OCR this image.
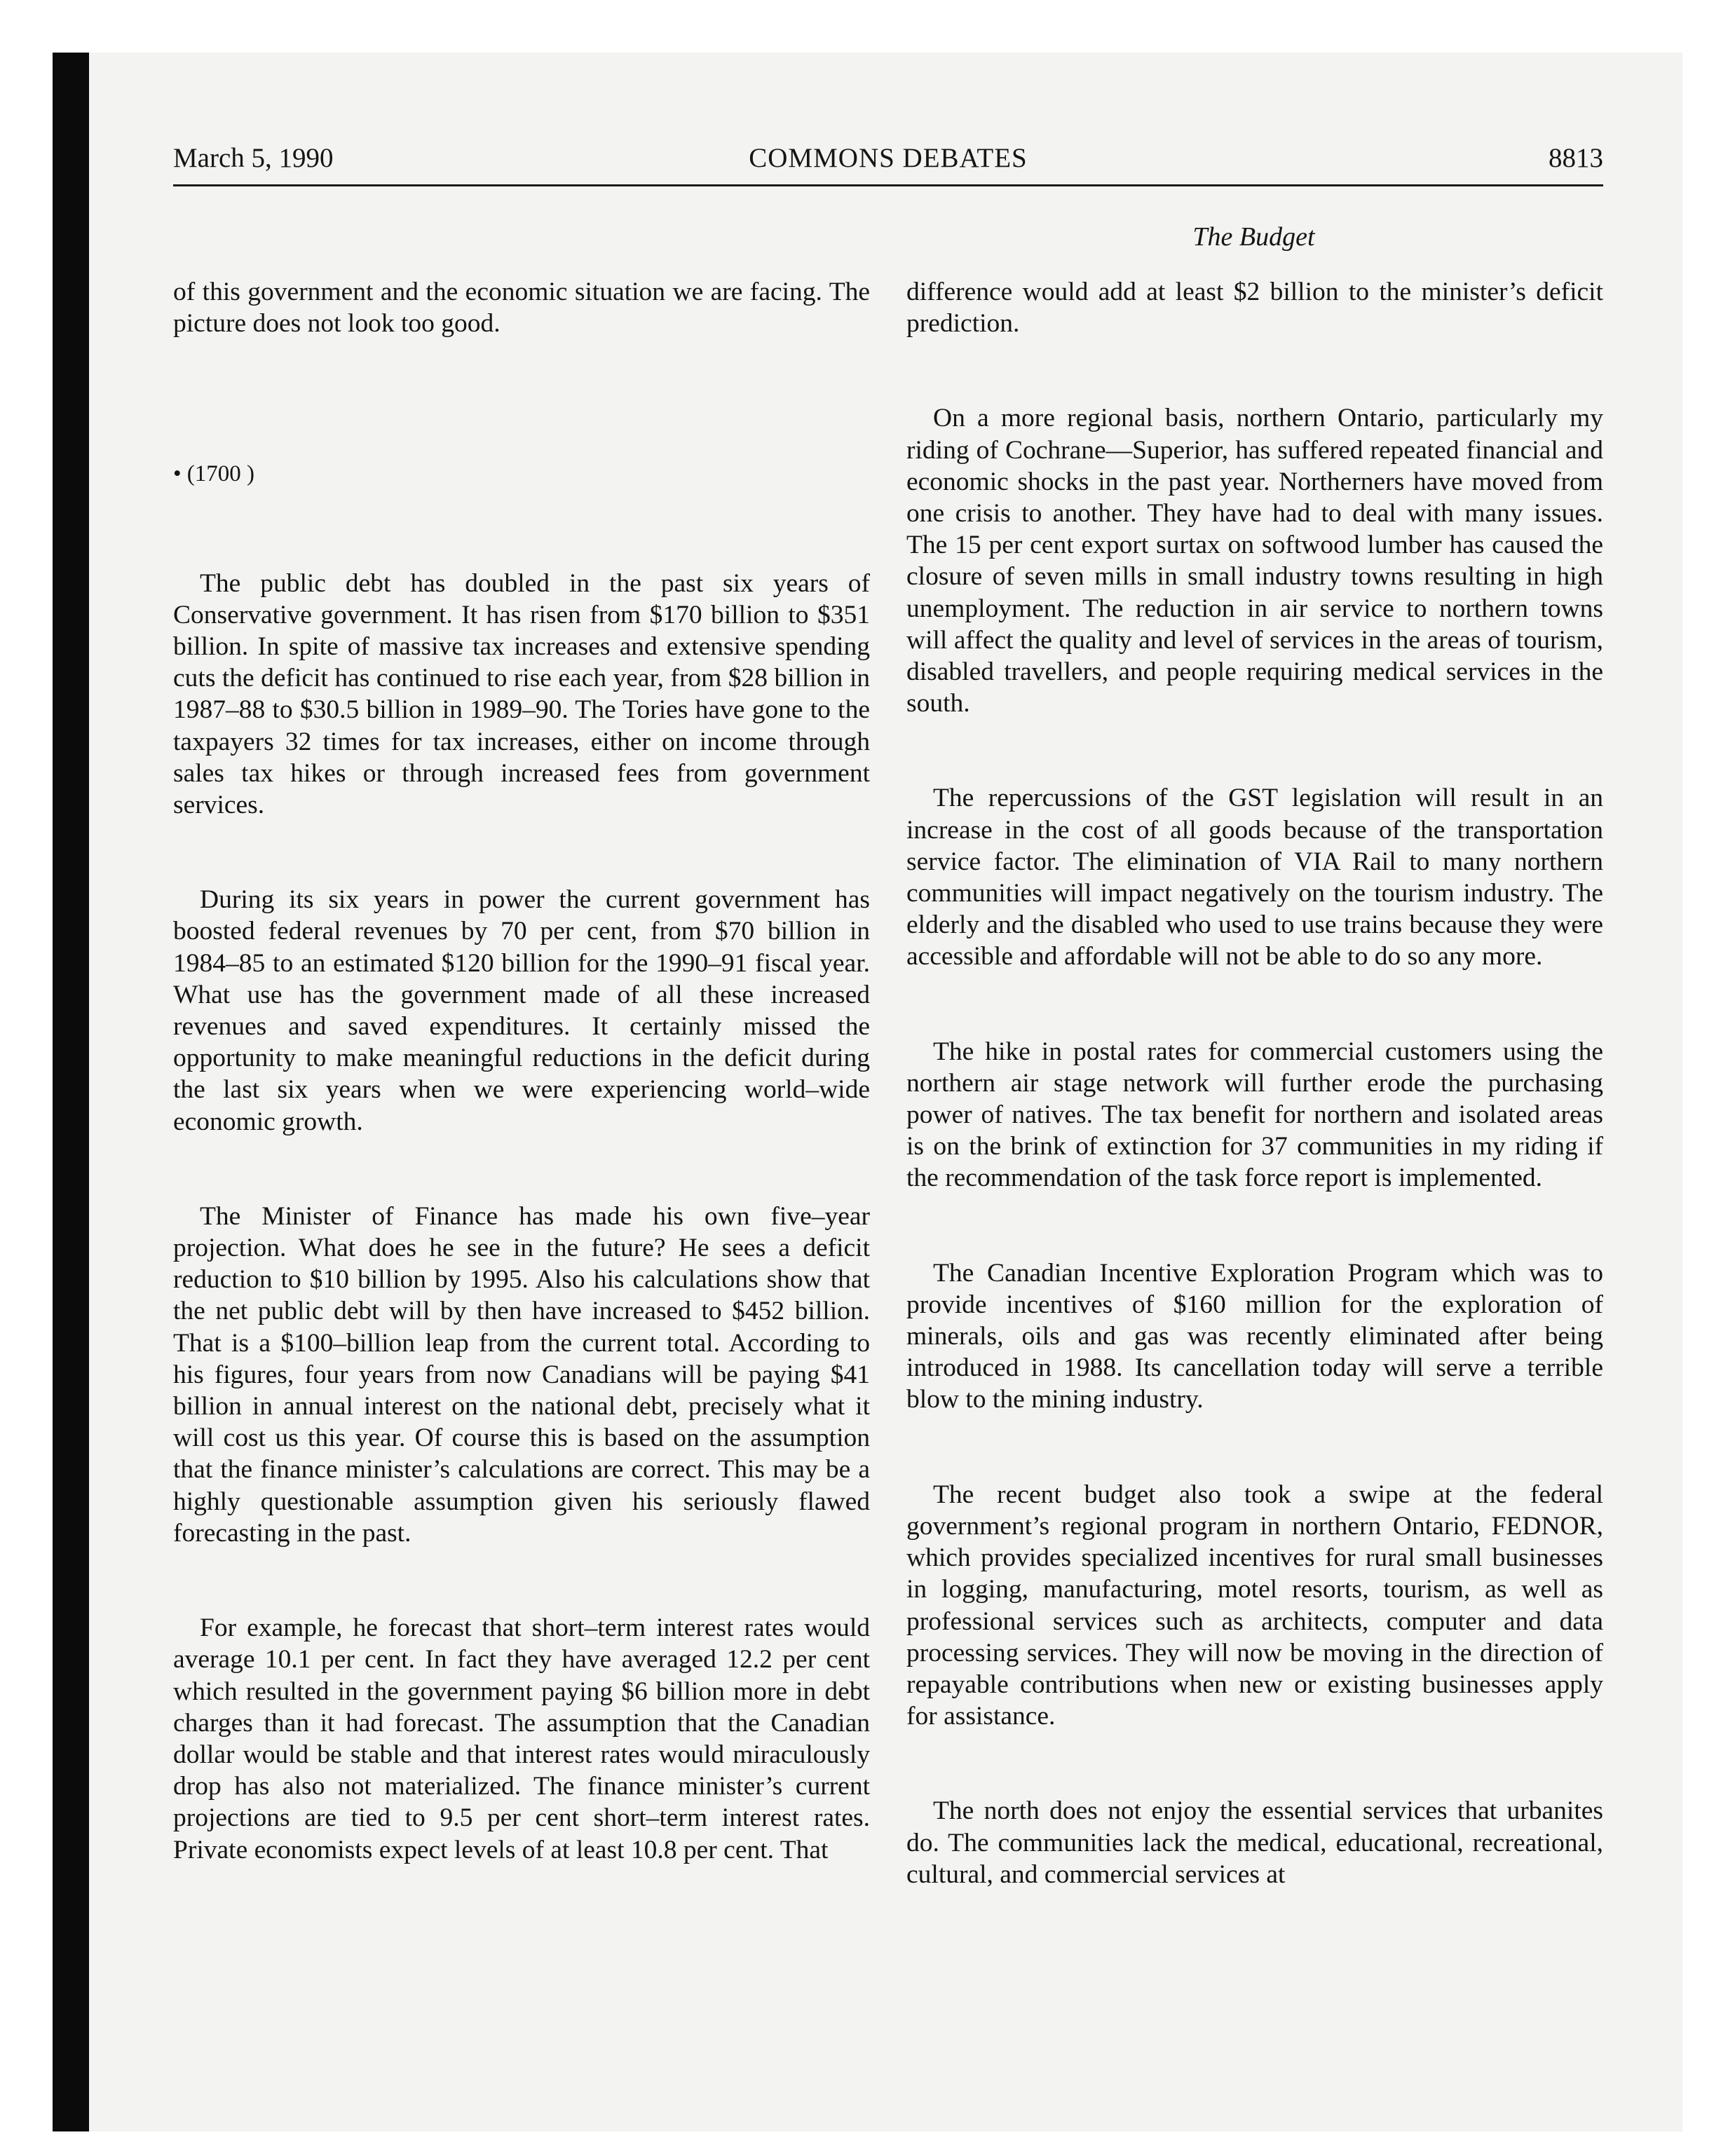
March 5, 1990	COMMONS DEBATES	8813
The Budget

of this government and the economic situation we are facing. The picture does not look too good.

• (1700 )

The public debt has doubled in the past six years of Conservative government. It has risen from $170 billion to $351 billion. In spite of massive tax increases and extensive spending cuts the deficit has continued to rise each year, from $28 billion in 1987–88 to $30.5 billion in 1989–90. The Tories have gone to the taxpayers 32 times for tax increases, either on income through sales tax hikes or through increased fees from government services.

During its six years in power the current government has boosted federal revenues by 70 per cent, from $70 billion in 1984–85 to an estimated $120 billion for the 1990–91 fiscal year. What use has the government made of all these increased revenues and saved expenditures. It certainly missed the opportunity to make meaningful reductions in the deficit during the last six years when we were experiencing world–wide economic growth.

The Minister of Finance has made his own five–year projection. What does he see in the future? He sees a deficit reduction to $10 billion by 1995. Also his calculations show that the net public debt will by then have increased to $452 billion. That is a $100–billion leap from the current total. According to his figures, four years from now Canadians will be paying $41 billion in annual interest on the national debt, precisely what it will cost us this year. Of course this is based on the assumption that the finance minister’s calculations are correct. This may be a highly questionable assumption given his seriously flawed forecasting in the past.

For example, he forecast that short–term interest rates would average 10.1 per cent. In fact they have averaged 12.2 per cent which resulted in the government paying $6 billion more in debt charges than it had forecast. The assumption that the Canadian dollar would be stable and that interest rates would miraculously drop has also not materialized. The finance minister’s current projections are tied to 9.5 per cent short–term interest rates. Private economists expect levels of at least 10.8 per cent. That

difference would add at least $2 billion to the minister’s deficit prediction.

On a more regional basis, northern Ontario, particularly my riding of Cochrane—Superior, has suffered repeated financial and economic shocks in the past year. Northerners have moved from one crisis to another. They have had to deal with many issues. The 15 per cent export surtax on softwood lumber has caused the closure of seven mills in small industry towns resulting in high unemployment. The reduction in air service to northern towns will affect the quality and level of services in the areas of tourism, disabled travellers, and people requiring medical services in the south.

The repercussions of the GST legislation will result in an increase in the cost of all goods because of the transportation service factor. The elimination of VIA Rail to many northern communities will impact negatively on the tourism industry. The elderly and the disabled who used to use trains because they were accessible and affordable will not be able to do so any more.

The hike in postal rates for commercial customers using the northern air stage network will further erode the purchasing power of natives. The tax benefit for northern and isolated areas is on the brink of extinction for 37 communities in my riding if the recommendation of the task force report is implemented.

The Canadian Incentive Exploration Program which was to provide incentives of $160 million for the exploration of minerals, oils and gas was recently eliminated after being introduced in 1988. Its cancellation today will serve a terrible blow to the mining industry.

The recent budget also took a swipe at the federal government’s regional program in northern Ontario, FEDNOR, which provides specialized incentives for rural small businesses in logging, manufacturing, motel resorts, tourism, as well as professional services such as architects, computer and data processing services. They will now be moving in the direction of repayable contributions when new or existing businesses apply for assistance.

The north does not enjoy the essential services that urbanites do. The communities lack the medical, educational, recreational, cultural, and commercial services at
